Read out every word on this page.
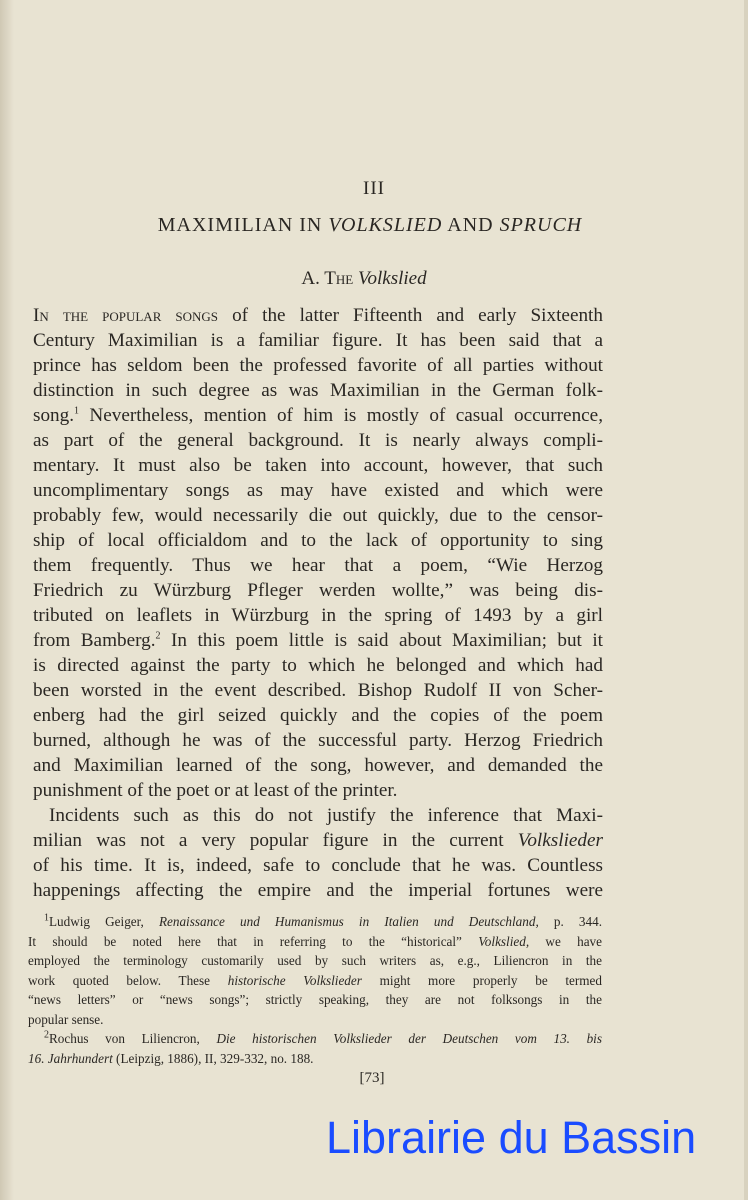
III
MAXIMILIAN IN VOLKSLIED AND SPRUCH
A. The Volkslied
In the popular songs of the latter Fifteenth and early Sixteenth
Century Maximilian is a familiar figure. It has been said that a
prince has seldom been the professed favorite of all parties without
distinction in such degree as was Maximilian in the German folk-
song.$^1$ Nevertheless, mention of him is mostly of casual occurrence,
as part of the general background. It is nearly always compli-
mentary. It must also be taken into account, however, that such
uncomplimentary songs as may have existed and which were
probably few, would necessarily die out quickly, due to the censor-
ship of local officialdom and to the lack of opportunity to sing
them frequently. Thus we hear that a poem, “Wie Herzog
Friedrich zu Würzburg Pfleger werden wollte,” was being dis-
tributed on leaflets in Würzburg in the spring of 1493 by a girl
from Bamberg.$^2$ In this poem little is said about Maximilian; but it
is directed against the party to which he belonged and which had
been worsted in the event described. Bishop Rudolf II von Scher-
enberg had the girl seized quickly and the copies of the poem
burned, although he was of the successful party. Herzog Friedrich
and Maximilian learned of the song, however, and demanded the
punishment of the poet or at least of the printer.
Incidents such as this do not justify the inference that Maxi-
milian was not a very popular figure in the current Volkslieder
of his time. It is, indeed, safe to conclude that he was. Countless
happenings affecting the empire and the imperial fortunes were
$^1$Ludwig Geiger, Renaissance und Humanismus in Italien und Deutschland, p. 344.
It should be noted here that in referring to the “historical” Volkslied, we have
employed the terminology customarily used by such writers as, e.g., Liliencron in the
work quoted below. These historische Volkslieder might more properly be termed
“news letters” or “news songs”; strictly speaking, they are not folksongs in the
popular sense.
$^2$Rochus von Liliencron, Die historischen Volkslieder der Deutschen vom 13. bis
16. Jahrhundert (Leipzig, 1886), II, 329-332, no. 188.
[73]
Librairie du Bassin
